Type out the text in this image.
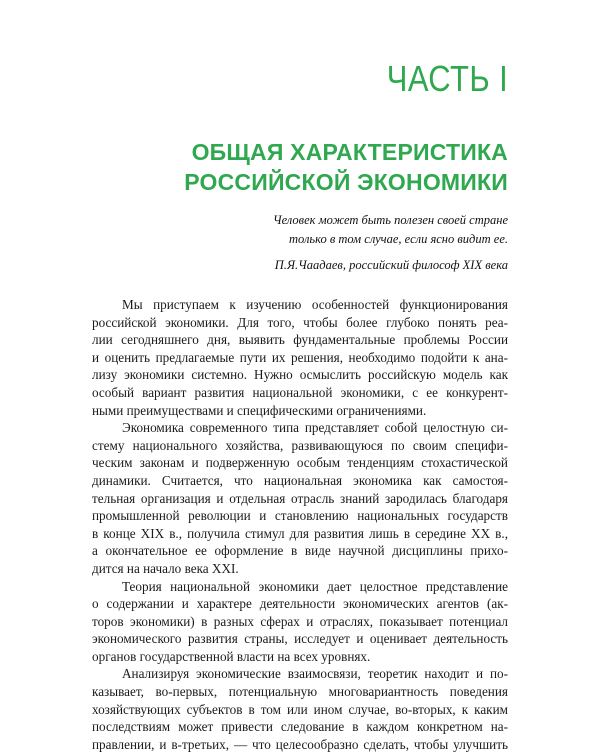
ЧАСТЬ I
ОБЩАЯ ХАРАКТЕРИСТИКА
РОССИЙСКОЙ ЭКОНОМИКИ
Человек может быть полезен своей стране
только в том случае, если ясно видит ее.
П.Я.Чаадаев, российский философ XIX века

Мы приступаем к изучению особенностей функционирования
российской экономики. Для того, чтобы более глубоко понять реа-
лии сегодняшнего дня, выявить фундаментальные проблемы России
и оценить предлагаемые пути их решения, необходимо подойти к ана-
лизу экономики системно. Нужно осмыслить российскую модель как
особый вариант развития национальной экономики, с ее конкурент-
ными преимуществами и специфическими ограничениями.

Экономика современного типа представляет собой целостную си-
стему национального хозяйства, развивающуюся по своим специфи-
ческим законам и подверженную особым тенденциям стохастической
динамики. Считается, что национальная экономика как самостоя-
тельная организация и отдельная отрасль знаний зародилась благодаря
промышленной революции и становлению национальных государств
в конце XIX в., получила стимул для развития лишь в середине XX в.,
а окончательное ее оформление в виде научной дисциплины прихо-
дится на начало века XXI.

Теория национальной экономики дает целостное представление
о содержании и характере деятельности экономических агентов (ак-
торов экономики) в разных сферах и отраслях, показывает потенциал
экономического развития страны, исследует и оценивает деятельность
органов государственной власти на всех уровнях.

Анализируя экономические взаимосвязи, теоретик находит и по-
казывает, во-первых, потенциальную многовариантность поведения
хозяйствующих субъектов в том или ином случае, во-вторых, к каким
последствиям может привести следование в каждом конкретном на-
правлении, и в-третьих, — что целесообразно сделать, чтобы улучшить
